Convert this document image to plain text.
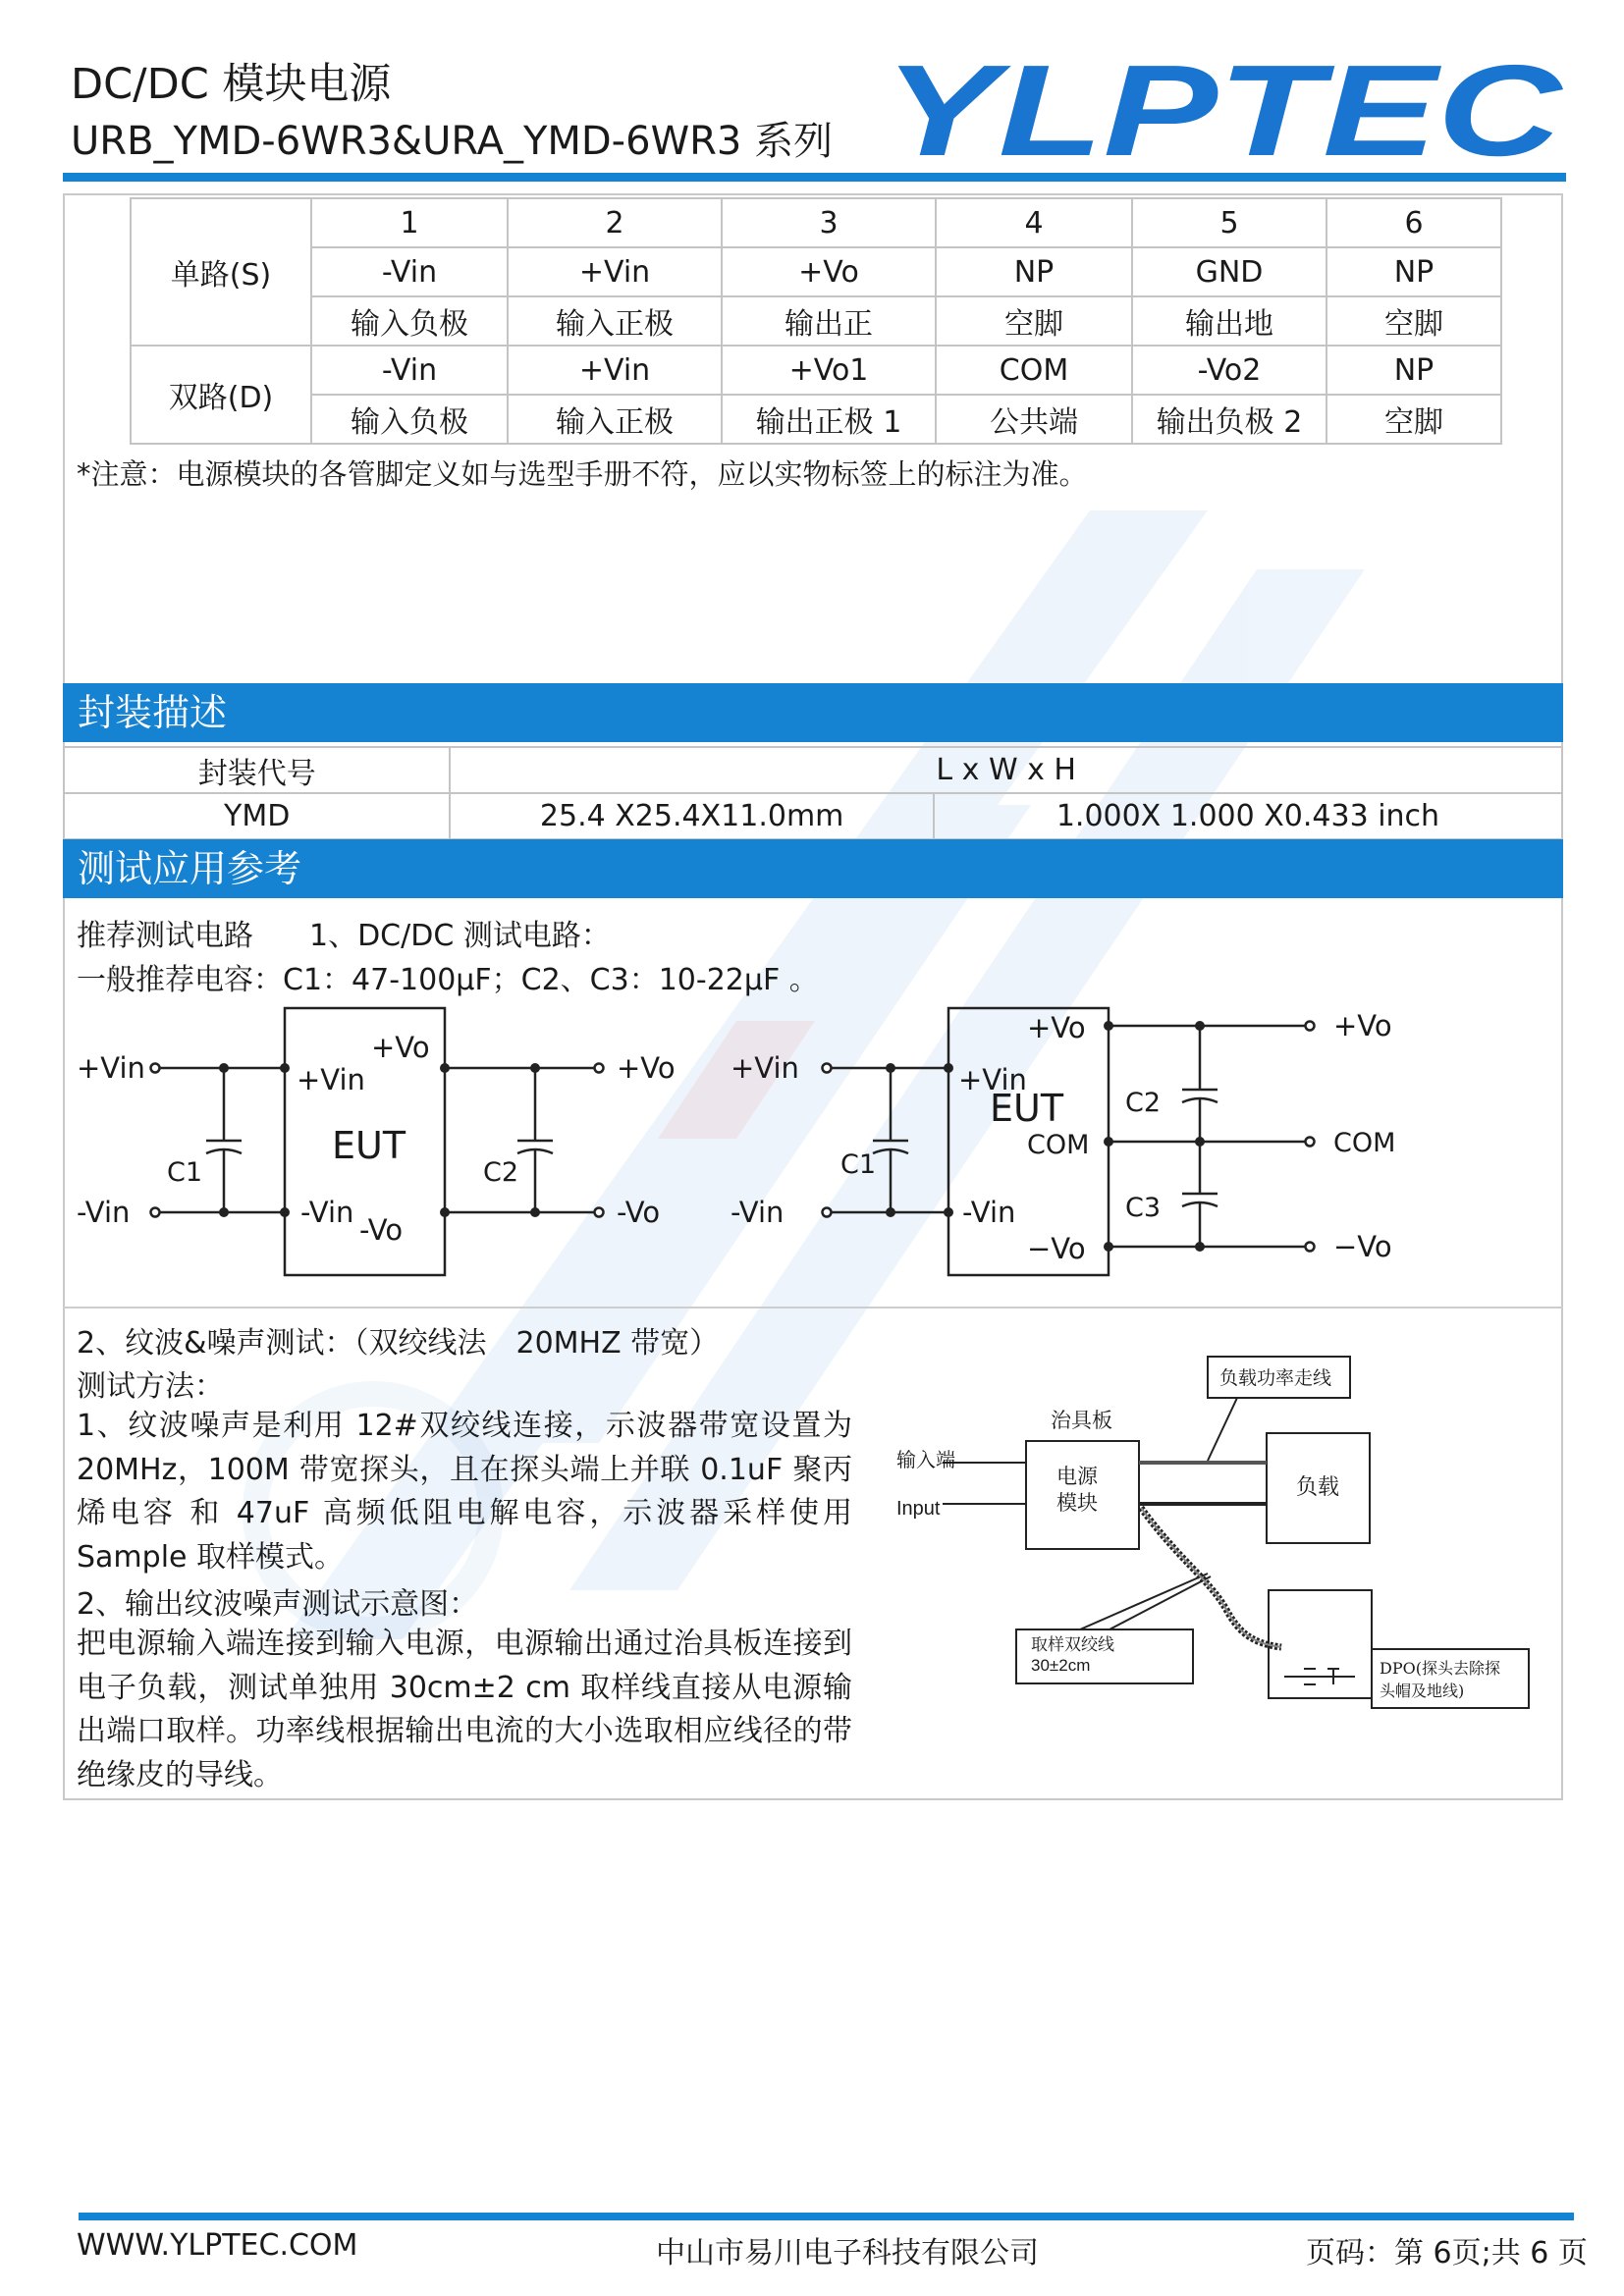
DC/DC 模块电源
URB_YMD-6WR3&URA_YMD-6WR3 系列 YLPTEC
单路(S)	1	2	3	4	5	6
	-Vin	+Vin	+Vo	NP	GND	NP
	输入负极	输入正极	输出正	空脚	输出地	空脚
双路(D)	-Vin	+Vin	+Vo1	COM	-Vo2	NP
	输入负极	输入正极	输出正极 1	公共端	输出负极 2	空脚
*注意：电源模块的各管脚定义如与选型手册不符，应以实物标签上的标注为准。
封装描述
封装代号	L x W x H	
YMD	25.4 X25.4X11.0mm	1.000X 1.000 X0.433 inch
测试应用参考
推荐测试电路 1、DC/DC 测试电路：
一般推荐电容：C1：47-100μF；C2、C3：10-22μF 。
+Vin
-Vin
+Vin
+Vo
EUT
-Vin
-Vo
C1	C2
+Vo
-Vo
+Vin
-Vin
+Vin
+Vo
EUT
COM
-Vin
−Vo
C1
C2
C3
+Vo
COM
−Vo
2、纹波&噪声测试：（双绞线法　20MHZ 带宽）
测试方法：
1、纹波噪声是利用 12#双绞线连接，示波器带宽设置为 20MHz，100M 带宽探头，且在探头端上并联 0.1uF 聚丙烯电容 和 47uF 高频低阻电解电容，示波器采样使用 Sample 取样模式。
2、输出纹波噪声测试示意图：
把电源输入端连接到输入电源，电源输出通过治具板连接到电子负载，测试单独用 30cm±2 cm 取样线直接从电源输出端口取样。功率线根据输出电流的大小选取相应线径的带绝缘皮的导线。
负载功率走线
治具板
输入端
Input
电源
模块
负载
取样双绞线
30±2cm	DPO(探头去除探
头帽及地线)
WWW.YLPTEC.COM	中山市易川电子科技有限公司	页码：第 6页;共 6 页
